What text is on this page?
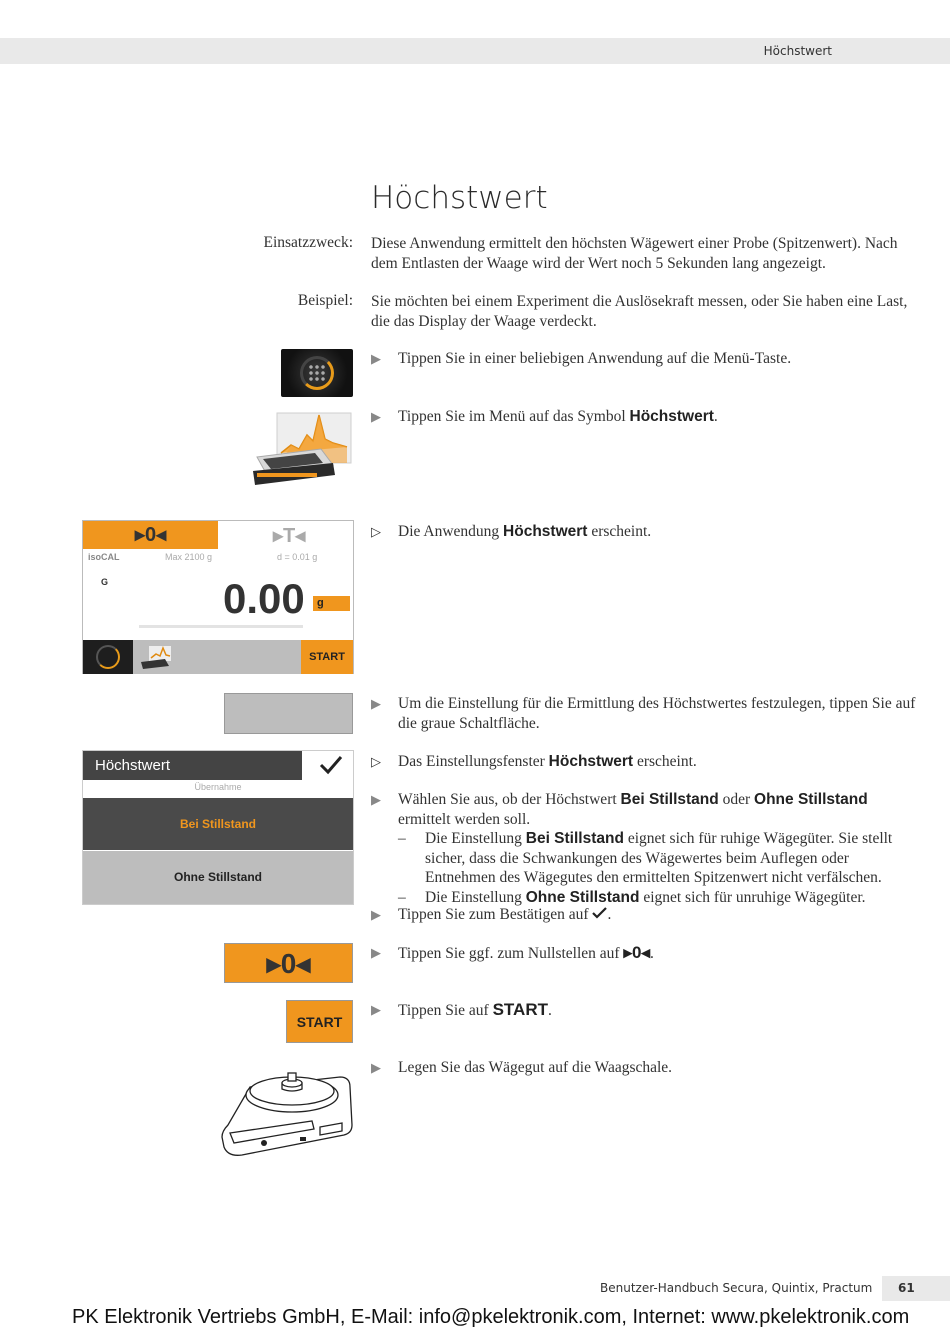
Höchstwert
Höchstwert
Einsatzzweck: Diese Anwendung ermittelt den höchsten Wägewert einer Probe (Spitzenwert). Nach dem Entlasten der Waage wird der Wert noch 5 Sekunden lang angezeigt.
Beispiel: Sie möchten bei einem Experiment die Auslösekraft messen, oder Sie haben eine Last, die das Display der Waage verdeckt.
▶	Tippen Sie in einer beliebigen Anwendung auf die Menü-Taste.
▶	Tippen Sie im Menü auf das Symbol Höchstwert.
▸0◂	▸T◂
isoCAL	Max 2100 g	d = 0.01 g
G	0.00	g
START
▷	Die Anwendung Höchstwert erscheint.
▶	Um die Einstellung für die Ermittlung des Höchstwertes festzulegen, tippen Sie auf die graue Schaltfläche.
Höchstwert
Übernahme
Bei Stillstand
Ohne Stillstand
▷	Das Einstellungsfenster Höchstwert erscheint.
▶	Wählen Sie aus, ob der Höchstwert Bei Stillstand oder Ohne Stillstand ermittelt werden soll.
– Die Einstellung Bei Stillstand eignet sich für ruhige Wägegüter. Sie stellt sicher, dass die Schwankungen des Wägewertes beim Auflegen oder Entnehmen des Wägegutes den ermittelten Spitzenwert nicht verfälschen.
– Die Einstellung Ohne Stillstand eignet sich für unruhige Wägegüter.
▶	Tippen Sie zum Bestätigen auf .
▸0◂	▶	Tippen Sie ggf. zum Nullstellen auf ▸0◂.
START
▶	Tippen Sie auf START.
▶	Legen Sie das Wägegut auf die Waagschale.
Benutzer-Handbuch Secura, Quintix, Practum 61
PK Elektronik Vertriebs GmbH, E-Mail: info@pkelektronik.com, Internet: www.pkelektronik.com
